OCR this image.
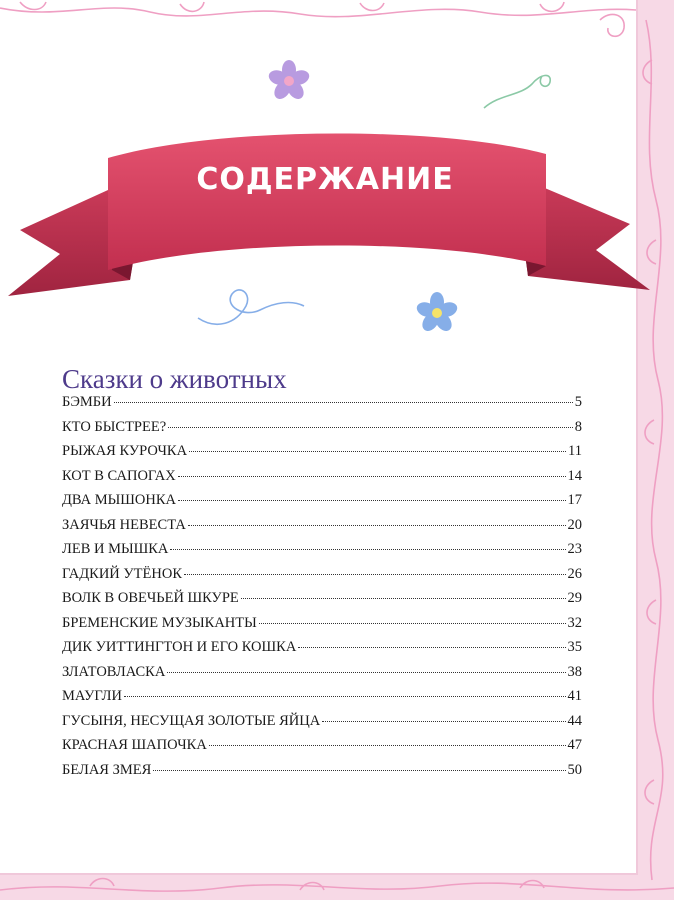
СОДЕРЖАНИЕ
Сказки о животных
БЭМБИ	5
КТО БЫСТРЕЕ?	8
РЫЖАЯ КУРОЧКА	11
КОТ В САПОГАХ	14
ДВА МЫШОНКА	17
ЗАЯЧЬЯ НЕВЕСТА	20
ЛЕВ И МЫШКА	23
ГАДКИЙ УТЁНОК	26
ВОЛК В ОВЕЧЬЕЙ ШКУРЕ	29
БРЕМЕНСКИЕ МУЗЫКАНТЫ	32
ДИК УИТТИНГТОН И ЕГО КОШКА	35
ЗЛАТОВЛАСКА	38
МАУГЛИ	41
ГУСЫНЯ, НЕСУЩАЯ ЗОЛОТЫЕ ЯЙЦА	44
КРАСНАЯ ШАПОЧКА	47
БЕЛАЯ ЗМЕЯ	50
